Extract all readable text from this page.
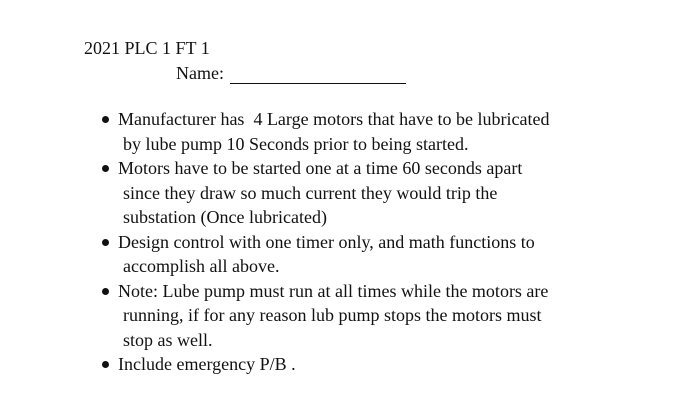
2021 PLC 1 FT 1
Name:
Manufacturer has  4 Large motors that have to be lubricated
by lube pump 10 Seconds prior to being started.
Motors have to be started one at a time 60 seconds apart
since they draw so much current they would trip the
substation (Once lubricated)
Design control with one timer only, and math functions to
accomplish all above.
Note: Lube pump must run at all times while the motors are
running, if for any reason lub pump stops the motors must
stop as well.
Include emergency P/B .
